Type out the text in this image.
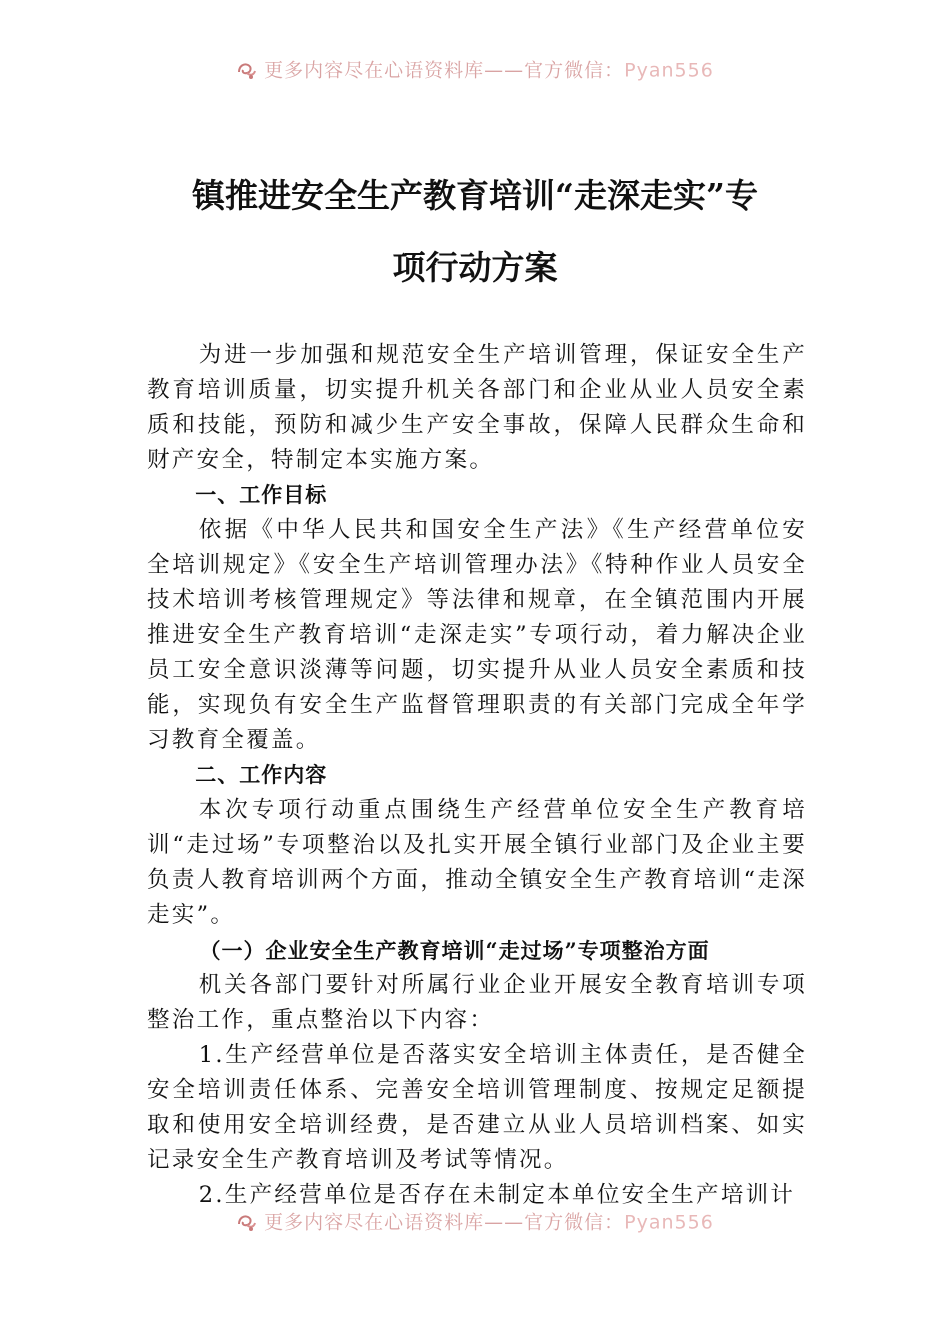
更多内容尽在心语资料库——官方微信：Pyan556
镇推进安全生产教育培训“走深走实”专
项行动方案

为进一步加强和规范安全生产培训管理，保证安全生产教育培训质量，切实提升机关各部门和企业从业人员安全素质和技能，预防和减少生产安全事故，保障人民群众生命和财产安全，特制定本实施方案。

一、工作目标

依据《中华人民共和国安全生产法》《生产经营单位安全培训规定》《安全生产培训管理办法》《特种作业人员安全技术培训考核管理规定》等法律和规章，在全镇范围内开展推进安全生产教育培训“走深走实”专项行动，着力解决企业员工安全意识淡薄等问题，切实提升从业人员安全素质和技能，实现负有安全生产监督管理职责的有关部门完成全年学习教育全覆盖。

二、工作内容

本次专项行动重点围绕生产经营单位安全生产教育培训“走过场”专项整治以及扎实开展全镇行业部门及企业主要负责人教育培训两个方面，推动全镇安全生产教育培训“走深走实”。

（一）企业安全生产教育培训“走过场”专项整治方面

机关各部门要针对所属行业企业开展安全教育培训专项整治工作，重点整治以下内容：

1.生产经营单位是否落实安全培训主体责任，是否健全安全培训责任体系、完善安全培训管理制度、按规定足额提取和使用安全培训经费，是否建立从业人员培训档案、如实记录安全生产教育培训及考试等情况。

2.生产经营单位是否存在未制定本单位安全生产培训计

更多内容尽在心语资料库——官方微信：Pyan556
